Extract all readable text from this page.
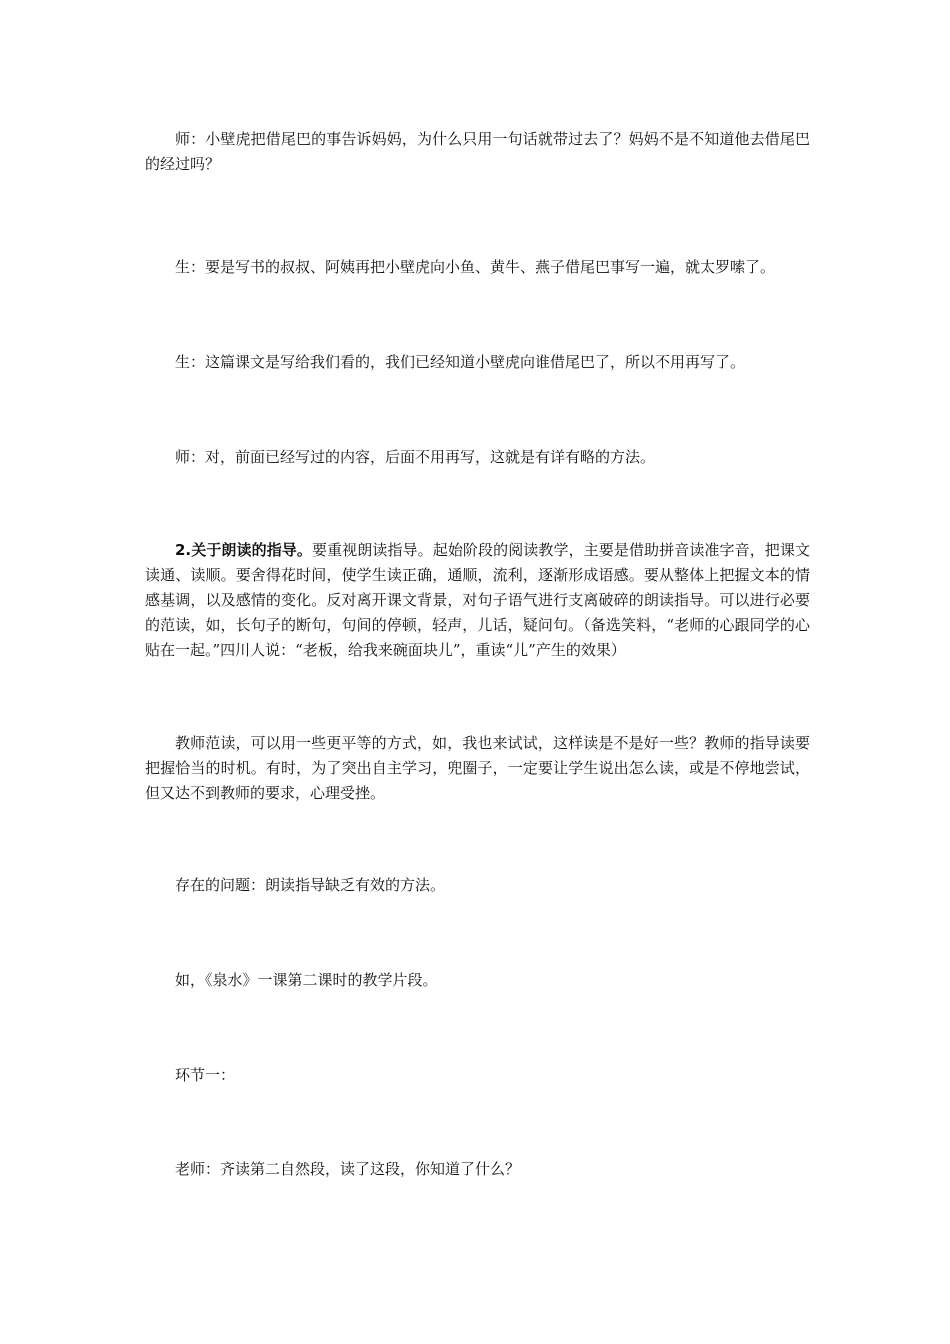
师：小壁虎把借尾巴的事告诉妈妈，为什么只用一句话就带过去了？妈妈不是不知道他去借尾巴的经过吗？

生：要是写书的叔叔、阿姨再把小壁虎向小鱼、黄牛、燕子借尾巴事写一遍，就太罗嗦了。

生：这篇课文是写给我们看的，我们已经知道小壁虎向谁借尾巴了，所以不用再写了。

师：对，前面已经写过的内容，后面不用再写，这就是有详有略的方法。

2.关于朗读的指导。要重视朗读指导。起始阶段的阅读教学，主要是借助拼音读准字音，把课文读通、读顺。要舍得花时间，使学生读正确，通顺，流利，逐渐形成语感。要从整体上把握文本的情感基调，以及感情的变化。反对离开课文背景，对句子语气进行支离破碎的朗读指导。可以进行必要的范读，如，长句子的断句，句间的停顿，轻声，儿话，疑问句。（备选笑料，“老师的心跟同学的心贴在一起。”四川人说：“老板，给我来碗面块儿”，重读“儿”产生的效果）

教师范读，可以用一些更平等的方式，如，我也来试试，这样读是不是好一些？教师的指导读要把握恰当的时机。有时，为了突出自主学习，兜圈子，一定要让学生说出怎么读，或是不停地尝试，但又达不到教师的要求，心理受挫。

存在的问题：朗读指导缺乏有效的方法。

如，《泉水》一课第二课时的教学片段。

环节一：

老师：齐读第二自然段，读了这段，你知道了什么？
